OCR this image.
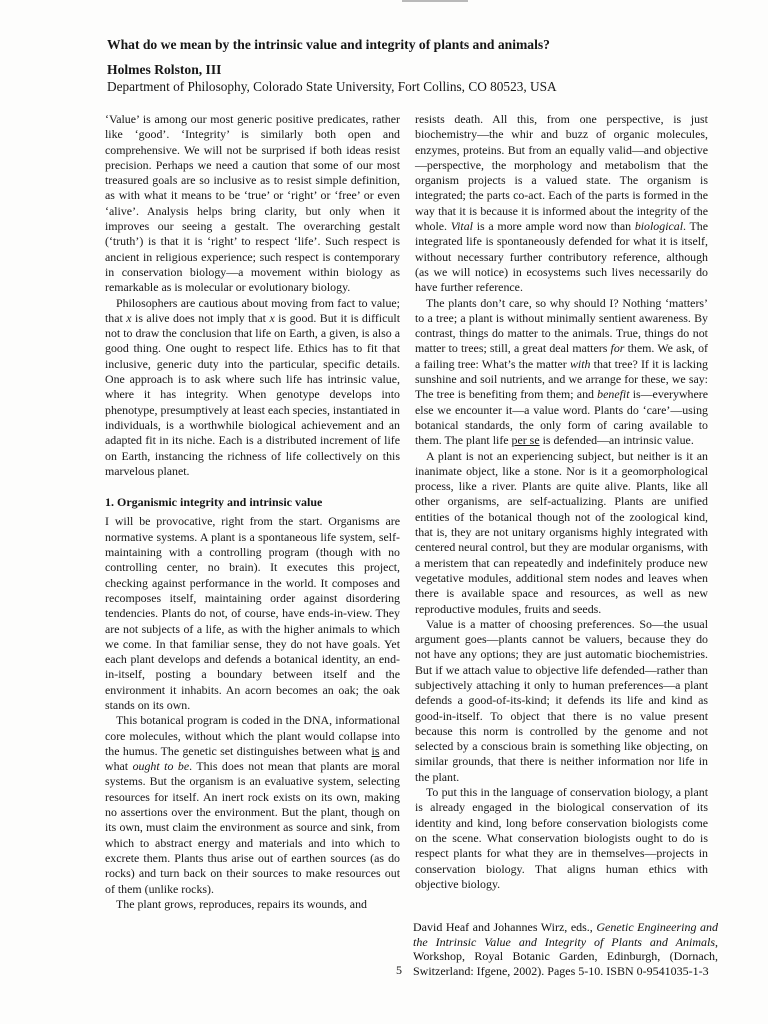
What do we mean by the intrinsic value and integrity of plants and animals?

Holmes Rolston, III

Department of Philosophy, Colorado State University, Fort Collins, CO 80523, USA

‘Value’ is among our most generic positive predicates, rather like ‘good’. ‘Integrity’ is similarly both open and comprehensive. We will not be surprised if both ideas resist precision. Perhaps we need a caution that some of our most treasured goals are so inclusive as to resist simple definition, as with what it means to be ‘true’ or ‘right’ or ‘free’ or even ‘alive’. Analysis helps bring clarity, but only when it improves our seeing a gestalt. The overarching gestalt (‘truth’) is that it is ‘right’ to respect ‘life’. Such respect is ancient in religious experience; such respect is contemporary in conservation biology—a movement within biology as remarkable as is molecular or evolutionary biology.

Philosophers are cautious about moving from fact to value; that x is alive does not imply that x is good. But it is difficult not to draw the conclusion that life on Earth, a given, is also a good thing. One ought to respect life. Ethics has to fit that inclusive, generic duty into the particular, specific details. One approach is to ask where such life has intrinsic value, where it has integrity. When genotype develops into phenotype, presumptively at least each species, instantiated in individuals, is a worthwhile biological achievement and an adapted fit in its niche. Each is a distributed increment of life on Earth, instancing the richness of life collectively on this marvelous planet.

1. Organismic integrity and intrinsic value

I will be provocative, right from the start. Organisms are normative systems. A plant is a spontaneous life system, self-maintaining with a controlling program (though with no controlling center, no brain). It executes this project, checking against performance in the world. It composes and recomposes itself, maintaining order against disordering tendencies. Plants do not, of course, have ends-in-view. They are not subjects of a life, as with the higher animals to which we come. In that familiar sense, they do not have goals. Yet each plant develops and defends a botanical identity, an end-in-itself, posting a boundary between itself and the environment it inhabits. An acorn becomes an oak; the oak stands on its own.

This botanical program is coded in the DNA, informational core molecules, without which the plant would collapse into the humus. The genetic set distinguishes between what is and what ought to be. This does not mean that plants are moral systems. But the organism is an evaluative system, selecting resources for itself. An inert rock exists on its own, making no assertions over the environment. But the plant, though on its own, must claim the environment as source and sink, from which to abstract energy and materials and into which to excrete them. Plants thus arise out of earthen sources (as do rocks) and turn back on their sources to make resources out of them (unlike rocks).

The plant grows, reproduces, repairs its wounds, and

resists death. All this, from one perspective, is just biochemistry—the whir and buzz of organic molecules, enzymes, proteins. But from an equally valid—and objective—perspective, the morphology and metabolism that the organism projects is a valued state. The organism is integrated; the parts co-act. Each of the parts is formed in the way that it is because it is informed about the integrity of the whole. Vital is a more ample word now than biological. The integrated life is spontaneously defended for what it is itself, without necessary further contributory reference, although (as we will notice) in ecosystems such lives necessarily do have further reference.

The plants don’t care, so why should I? Nothing ‘matters’ to a tree; a plant is without minimally sentient awareness. By contrast, things do matter to the animals. True, things do not matter to trees; still, a great deal matters for them. We ask, of a failing tree: What’s the matter with that tree? If it is lacking sunshine and soil nutrients, and we arrange for these, we say: The tree is benefiting from them; and benefit is—everywhere else we encounter it—a value word. Plants do ‘care’—using botanical standards, the only form of caring available to them. The plant life per se is defended—an intrinsic value.

A plant is not an experiencing subject, but neither is it an inanimate object, like a stone. Nor is it a geomorphological process, like a river. Plants are quite alive. Plants, like all other organisms, are self-actualizing. Plants are unified entities of the botanical though not of the zoological kind, that is, they are not unitary organisms highly integrated with centered neural control, but they are modular organisms, with a meristem that can repeatedly and indefinitely produce new vegetative modules, additional stem nodes and leaves when there is available space and resources, as well as new reproductive modules, fruits and seeds.

Value is a matter of choosing preferences. So—the usual argument goes—plants cannot be valuers, because they do not have any options; they are just automatic biochemistries. But if we attach value to objective life defended—rather than subjectively attaching it only to human preferences—a plant defends a good-of-its-kind; it defends its life and kind as good-in-itself. To object that there is no value present because this norm is controlled by the genome and not selected by a conscious brain is something like objecting, on similar grounds, that there is neither information nor life in the plant.

To put this in the language of conservation biology, a plant is already engaged in the biological conservation of its identity and kind, long before conservation biologists come on the scene. What conservation biologists ought to do is respect plants for what they are in themselves—projects in conservation biology. That aligns human ethics with objective biology.

David Heaf and Johannes Wirz, eds., Genetic Engineering and the Intrinsic Value and Integrity of Plants and Animals, Workshop, Royal Botanic Garden, Edinburgh, (Dornach, Switzerland: Ifgene, 2002). Pages 5-10. ISBN 0-9541035-1-3

5
